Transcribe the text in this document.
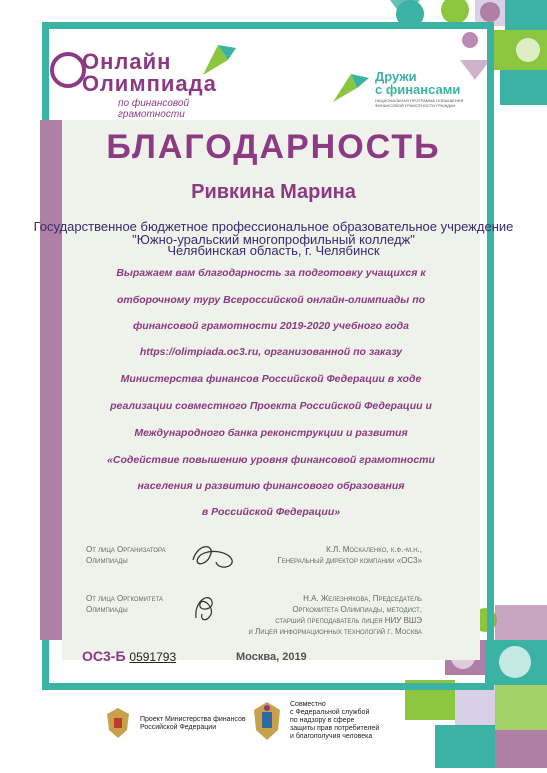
Онлайн
Олимпиада
по финансовой грамотности
Дружи
с финансами
НАЦИОНАЛЬНАЯ ПРОГРАММА ПОВЫШЕНИЯ ФИНАНСОВОЙ ГРАМОТНОСТИ ГРАЖДАН
БЛАГОДАРНОСТЬ
Ривкина Марина
Государственное бюджетное профессиональное образовательное учреждение
"Южно-уральский многопрофильный колледж"
Челябинская область, г. Челябинск
Выражаем вам благодарность за подготовку учащихся к
отборочному туру Всероссийской онлайн-олимпиады по
финансовой грамотности 2019-2020 учебного года
https://olimpiada.oc3.ru, организованной по заказу
Министерства финансов Российской Федерации в ходе
реализации совместного Проекта Российской Федерации и
Международного банка реконструкции и развития
«Содействие повышению уровня финансовой грамотности
населения и развитию финансового образования
в Российской Федерации»
От лица Организатора
Олимпиады
К.Л. Москаленко, к.ф.-м.н.,
Генеральный директор компании «ОС3»
От лица Оргкомитета
Олимпиады
Н.А. Железнякова, Председатель
Оргкомитета Олимпиады, методист,
старший преподаватель лицея НИУ ВШЭ
и Лицея информационных технологий г. Москва
ОС3-Б 0591793	Москва, 2019
Проект Министерства финансов
Российской Федерации
Совместно
с Федеральной службой
по надзору в сфере
защиты прав потребителей
и благополучия человека
